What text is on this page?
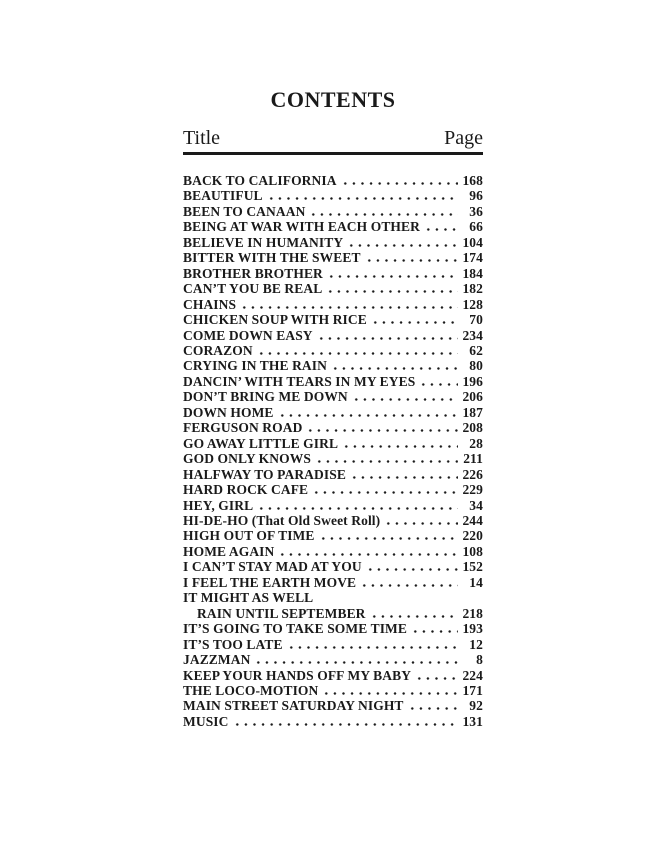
CONTENTS
Title	Page
BACK TO CALIFORNIA	168
BEAUTIFUL	96
BEEN TO CANAAN	36
BEING AT WAR WITH EACH OTHER	66
BELIEVE IN HUMANITY	104
BITTER WITH THE SWEET	174
BROTHER BROTHER	184
CAN’T YOU BE REAL	182
CHAINS	128
CHICKEN SOUP WITH RICE	70
COME DOWN EASY	234
CORAZON	62
CRYING IN THE RAIN	80
DANCIN’ WITH TEARS IN MY EYES	196
DON’T BRING ME DOWN	206
DOWN HOME	187
FERGUSON ROAD	208
GO AWAY LITTLE GIRL	28
GOD ONLY KNOWS	211
HALFWAY TO PARADISE	226
HARD ROCK CAFE	229
HEY, GIRL	34
HI-DE-HO (That Old Sweet Roll)	244
HIGH OUT OF TIME	220
HOME AGAIN	108
I CAN’T STAY MAD AT YOU	152
I FEEL THE EARTH MOVE	14
IT MIGHT AS WELL
RAIN UNTIL SEPTEMBER	218
IT’S GOING TO TAKE SOME TIME	193
IT’S TOO LATE	12
JAZZMAN	8
KEEP YOUR HANDS OFF MY BABY	224
THE LOCO-MOTION	171
MAIN STREET SATURDAY NIGHT	92
MUSIC	131
